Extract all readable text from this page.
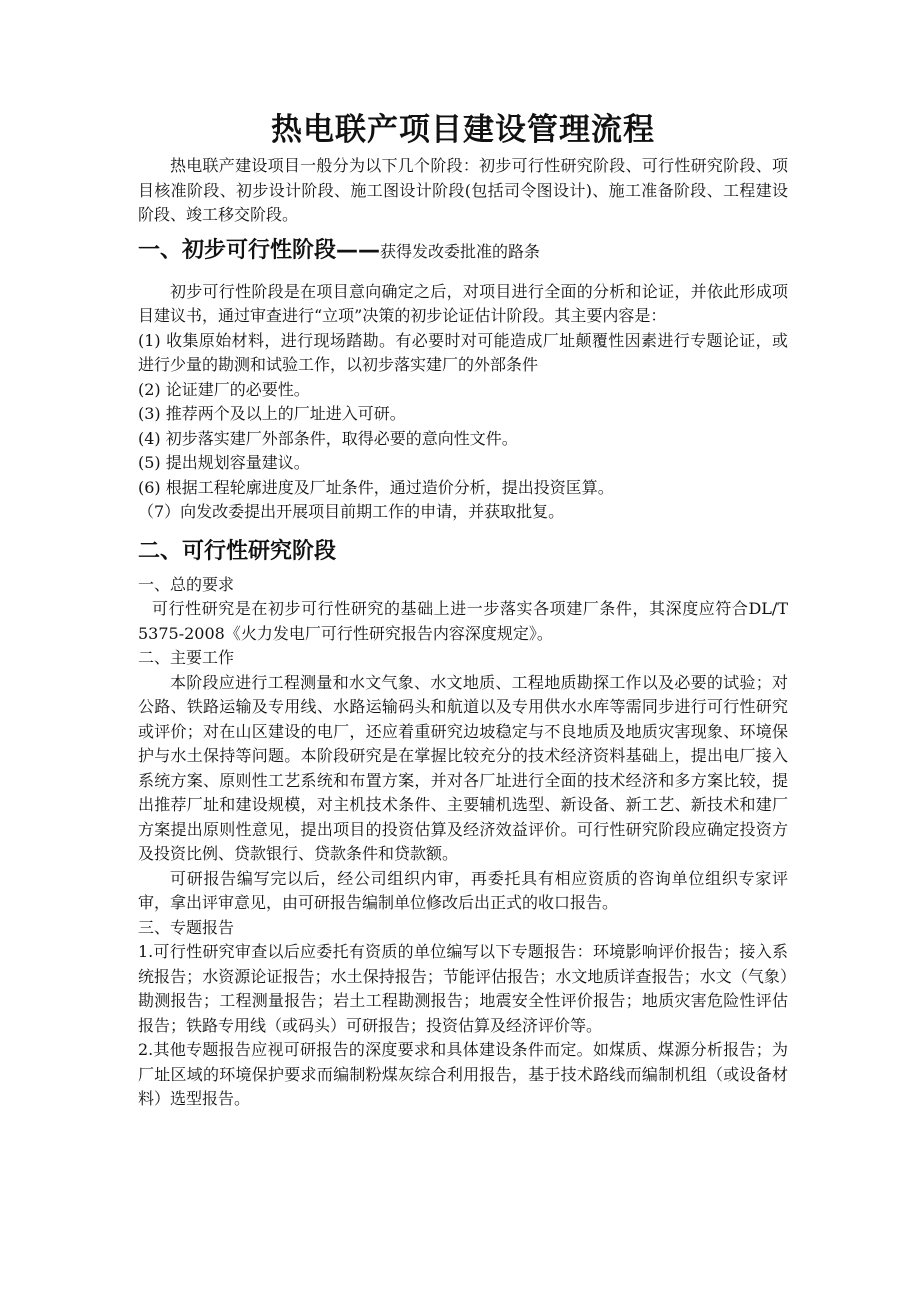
热电联产项目建设管理流程

热电联产建设项目一般分为以下几个阶段：初步可行性研究阶段、可行性研究阶段、项目核准阶段、初步设计阶段、施工图设计阶段(包括司令图设计)、施工准备阶段、工程建设阶段、竣工移交阶段。

一、初步可行性阶段——获得发改委批准的路条

初步可行性阶段是在项目意向确定之后，对项目进行全面的分析和论证，并依此形成项目建议书，通过审查进行“立项”决策的初步论证估计阶段。其主要内容是：

(1) 收集原始材料，进行现场踏勘。有必要时对可能造成厂址颠覆性因素进行专题论证，或进行少量的勘测和试验工作，以初步落实建厂的外部条件

(2) 论证建厂的必要性。

(3) 推荐两个及以上的厂址进入可研。

(4) 初步落实建厂外部条件，取得必要的意向性文件。

(5) 提出规划容量建议。

(6) 根据工程轮廓进度及厂址条件，通过造价分析，提出投资匡算。

（7）向发改委提出开展项目前期工作的申请，并获取批复。

二、可行性研究阶段

一、总的要求

可行性研究是在初步可行性研究的基础上进一步落实各项建厂条件，其深度应符合DL/T 5375-2008《火力发电厂可行性研究报告内容深度规定》。

二、主要工作

本阶段应进行工程测量和水文气象、水文地质、工程地质勘探工作以及必要的试验；对公路、铁路运输及专用线、水路运输码头和航道以及专用供水水库等需同步进行可行性研究或评价；对在山区建设的电厂，还应着重研究边坡稳定与不良地质及地质灾害现象、环境保护与水土保持等问题。本阶段研究是在掌握比较充分的技术经济资料基础上，提出电厂接入系统方案、原则性工艺系统和布置方案，并对各厂址进行全面的技术经济和多方案比较，提出推荐厂址和建设规模，对主机技术条件、主要辅机选型、新设备、新工艺、新技术和建厂方案提出原则性意见，提出项目的投资估算及经济效益评价。可行性研究阶段应确定投资方及投资比例、贷款银行、贷款条件和贷款额。

可研报告编写完以后，经公司组织内审，再委托具有相应资质的咨询单位组织专家评审，拿出评审意见，由可研报告编制单位修改后出正式的收口报告。

三、专题报告

1.可行性研究审查以后应委托有资质的单位编写以下专题报告：环境影响评价报告；接入系统报告；水资源论证报告；水土保持报告；节能评估报告；水文地质详查报告；水文（气象）勘测报告；工程测量报告；岩土工程勘测报告；地震安全性评价报告；地质灾害危险性评估报告；铁路专用线（或码头）可研报告；投资估算及经济评价等。

2.其他专题报告应视可研报告的深度要求和具体建设条件而定。如煤质、煤源分析报告；为厂址区域的环境保护要求而编制粉煤灰综合利用报告，基于技术路线而编制机组（或设备材料）选型报告。
